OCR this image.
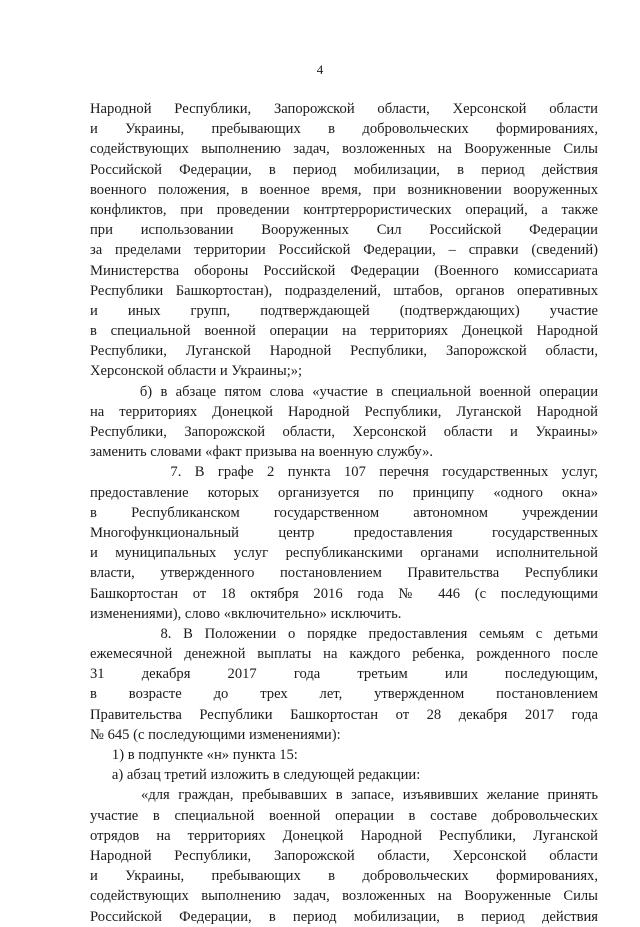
4
Народной Республики, Запорожской области, Херсонской области
и Украины, пребывающих в добровольческих формированиях,
содействующих выполнению задач, возложенных на Вооруженные Силы
Российской Федерации, в период мобилизации, в период действия
военного положения, в военное время, при возникновении вооруженных
конфликтов, при проведении контртеррористических операций, а также
при использовании Вооруженных Сил Российской Федерации
за пределами территории Российской Федерации, – справки (сведений)
Министерства обороны Российской Федерации (Военного комиссариата
Республики Башкортостан), подразделений, штабов, органов оперативных
и иных групп, подтверждающей (подтверждающих) участие
в специальной военной операции на территориях Донецкой Народной
Республики, Луганской Народной Республики, Запорожской области,
Херсонской области и Украины;»;
б) в абзаце пятом слова «участие в специальной военной операции
на территориях Донецкой Народной Республики, Луганской Народной
Республики, Запорожской области, Херсонской области и Украины»
заменить словами «факт призыва на военную службу».
7. В графе 2 пункта 107 перечня государственных услуг,
предоставление которых организуется по принципу «одного окна»
в Республиканском государственном автономном учреждении
Многофункциональный центр предоставления государственных
и муниципальных услуг республиканскими органами исполнительной
власти, утвержденного постановлением Правительства Республики
Башкортостан от 18 октября 2016 года № 446 (с последующими
изменениями), слово «включительно» исключить.
8. В Положении о порядке предоставления семьям с детьми
ежемесячной денежной выплаты на каждого ребенка, рожденного после
31 декабря 2017 года третьим или последующим,
в возрасте до трех лет, утвержденном постановлением
Правительства Республики Башкортостан от 28 декабря 2017 года
№ 645 (с последующими изменениями):
1) в подпункте «н» пункта 15:
а) абзац третий изложить в следующей редакции:
«для граждан, пребывавших в запасе, изъявивших желание принять
участие в специальной военной операции в составе добровольческих
отрядов на территориях Донецкой Народной Республики, Луганской
Народной Республики, Запорожской области, Херсонской области
и Украины, пребывающих в добровольческих формированиях,
содействующих выполнению задач, возложенных на Вооруженные Силы
Российской Федерации, в период мобилизации, в период действия
